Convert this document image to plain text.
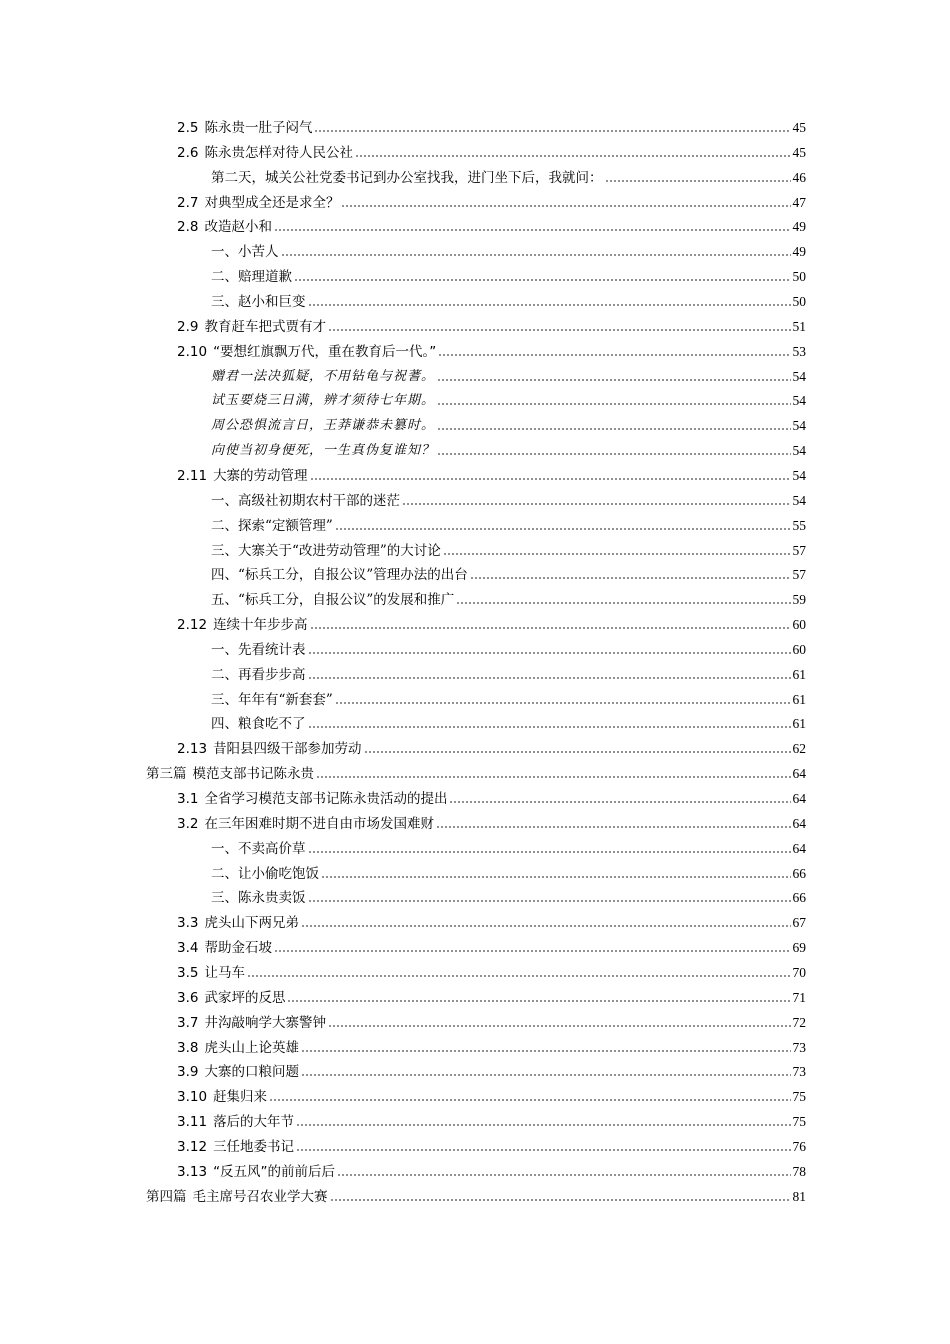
2.5 陈永贵一肚子闷气	45
2.6 陈永贵怎样对待人民公社	45
第二天，城关公社党委书记到办公室找我，进门坐下后，我就问：	46
2.7 对典型成全还是求全？	47
2.8 改造赵小和	49
一、小苦人	49
二、赔理道歉	50
三、赵小和巨变	50
2.9 教育赶车把式贾有才	51
2.10 “要想红旗飘万代，重在教育后一代。”	53
赠君一法决狐疑，不用钻龟与祝蓍。	54
试玉要烧三日满，辨才须待七年期。	54
周公恐惧流言日，王莽谦恭未篡时。	54
向使当初身便死，一生真伪复谁知？	54
2.11 大寨的劳动管理	54
一、高级社初期农村干部的迷茫	54
二、探索“定额管理”	55
三、大寨关于“改进劳动管理”的大讨论	57
四、“标兵工分，自报公议”管理办法的出台	57
五、“标兵工分，自报公议”的发展和推广	59
2.12 连续十年步步高	60
一、先看统计表	60
二、再看步步高	61
三、年年有“新套套”	61
四、粮食吃不了	61
2.13 昔阳县四级干部参加劳动	62
第三篇 模范支部书记陈永贵	64
3.1 全省学习模范支部书记陈永贵活动的提出	64
3.2 在三年困难时期不进自由市场发国难财	64
一、不卖高价草	64
二、让小偷吃饱饭	66
三、陈永贵卖饭	66
3.3 虎头山下两兄弟	67
3.4 帮助金石坡	69
3.5 让马车	70
3.6 武家坪的反思	71
3.7 井沟敲响学大寨警钟	72
3.8 虎头山上论英雄	73
3.9 大寨的口粮问题	73
3.10 赶集归来	75
3.11 落后的大年节	75
3.12 三任地委书记	76
3.13 “反五风”的前前后后	78
第四篇 毛主席号召农业学大赛	81
